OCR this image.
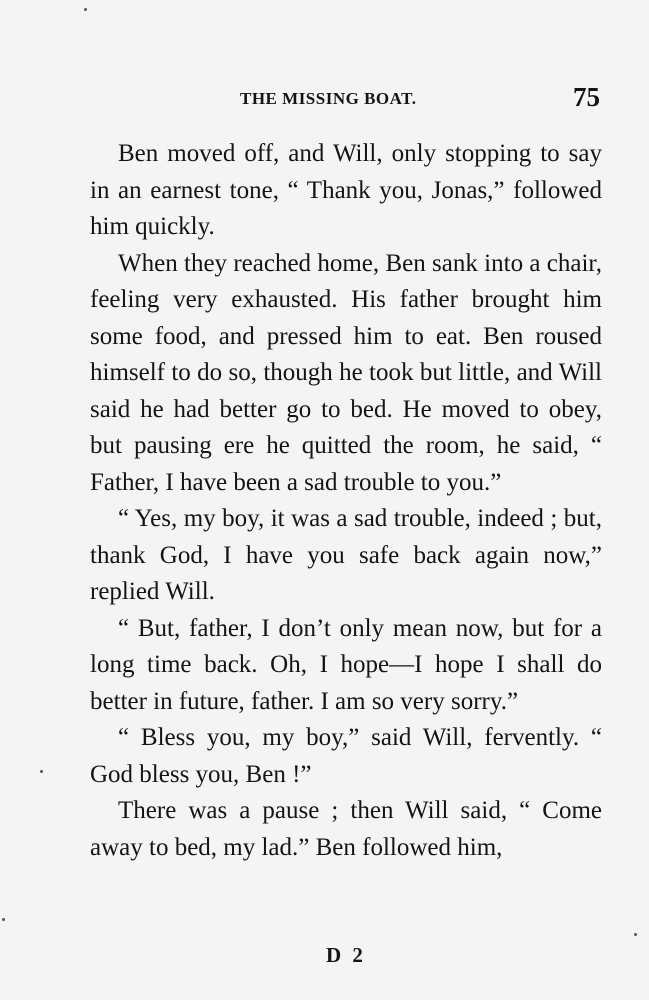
THE MISSING BOAT.	75

Ben moved off, and Will, only stopping to say in an earnest tone, “ Thank you, Jonas,” followed him quickly.

When they reached home, Ben sank into a chair, feeling very exhausted. His father brought him some food, and pressed him to eat. Ben roused himself to do so, though he took but little, and Will said he had better go to bed. He moved to obey, but pausing ere he quitted the room, he said, “ Father, I have been a sad trouble to you.”

“ Yes, my boy, it was a sad trouble, indeed ; but, thank God, I have you safe back again now,” replied Will.

“ But, father, I don’t only mean now, but for a long time back. Oh, I hope—I hope I shall do better in future, father. I am so very sorry.”

“ Bless you, my boy,” said Will, fervently. “ God bless you, Ben !”

There was a pause ; then Will said, “ Come away to bed, my lad.” Ben followed him,

D 2
